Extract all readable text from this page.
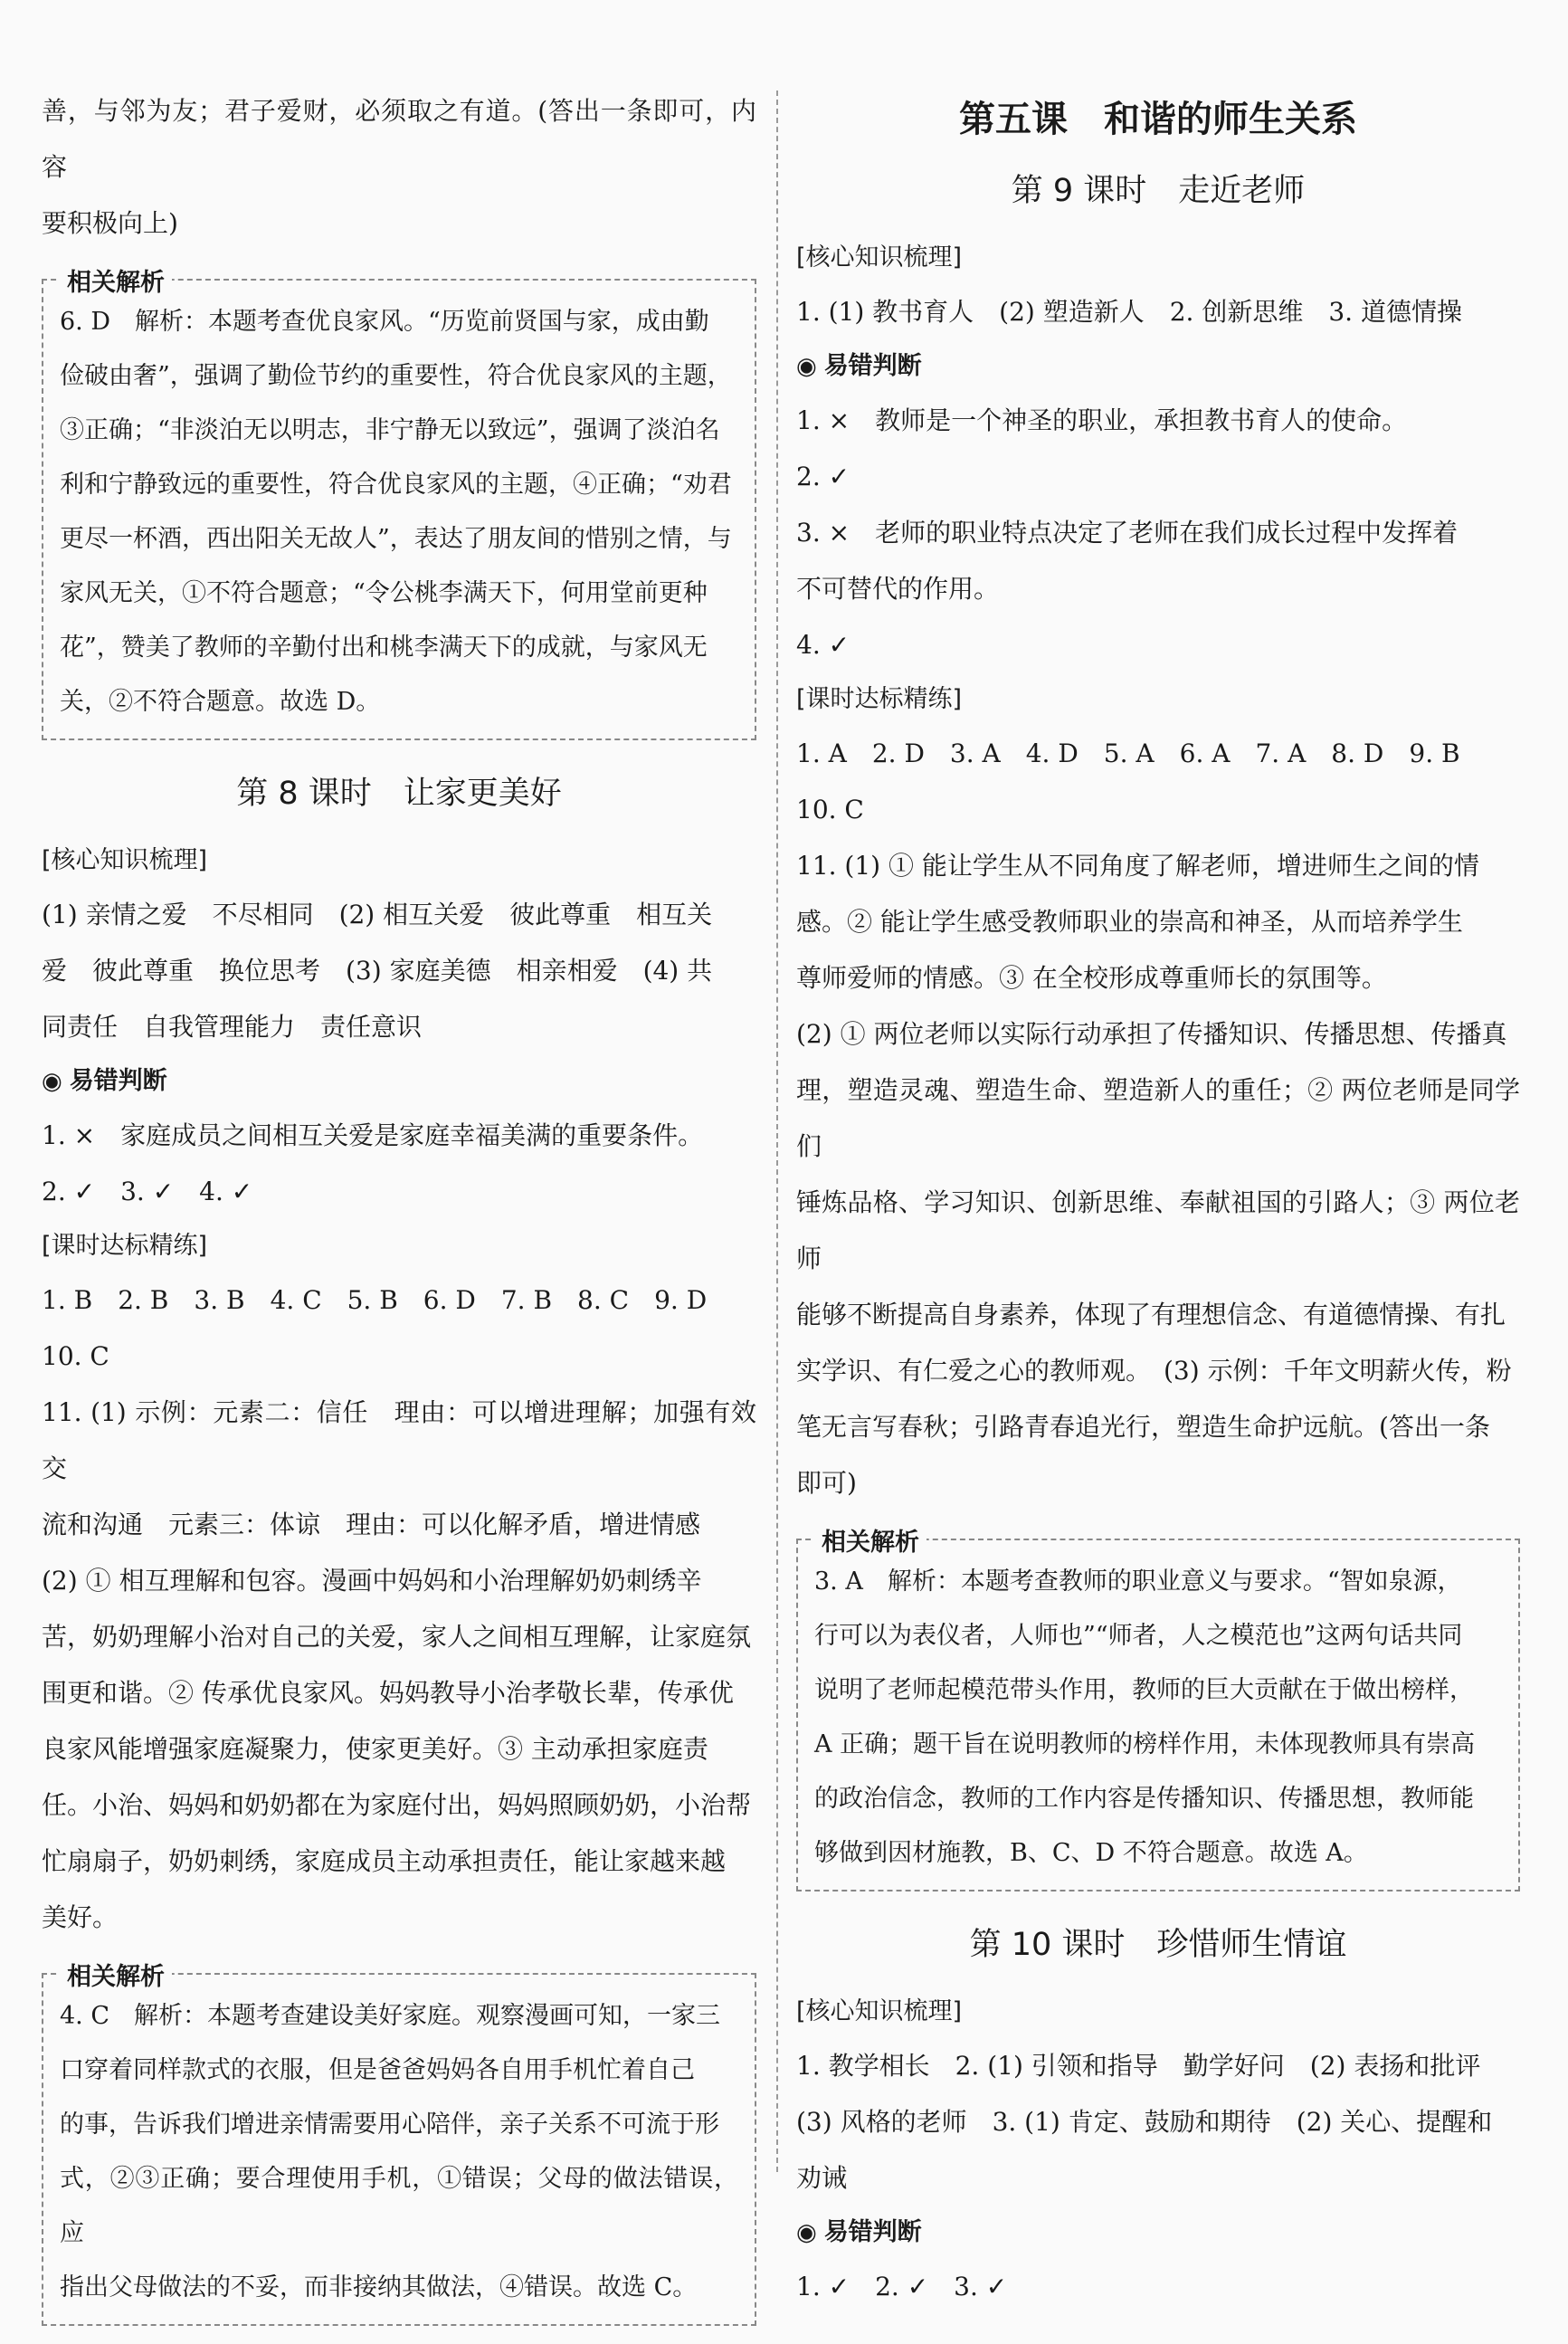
善，与邻为友；君子爱财，必须取之有道。(答出一条即可，内容

要积极向上)

相关解析

6. D　解析：本题考查优良家风。“历览前贤国与家，成由勤

俭破由奢”，强调了勤俭节约的重要性，符合优良家风的主题，

③正确；“非淡泊无以明志，非宁静无以致远”，强调了淡泊名

利和宁静致远的重要性，符合优良家风的主题，④正确；“劝君

更尽一杯酒，西出阳关无故人”，表达了朋友间的惜别之情，与

家风无关，①不符合题意；“令公桃李满天下，何用堂前更种

花”，赞美了教师的辛勤付出和桃李满天下的成就，与家风无

关，②不符合题意。故选 D。

第 8 课时　让家更美好
[核心知识梳理]

(1) 亲情之爱　不尽相同　(2) 相互关爱　彼此尊重　相互关

爱　彼此尊重　换位思考　(3) 家庭美德　相亲相爱　(4) 共

同责任　自我管理能力　责任意识

◉ 易错判断

1. ×　家庭成员之间相互关爱是家庭幸福美满的重要条件。

2. ✓　3. ✓　4. ✓

[课时达标精练]

1. B　2. B　3. B　4. C　5. B　6. D　7. B　8. C　9. D

10. C

11. (1) 示例：元素二：信任　理由：可以增进理解；加强有效交

流和沟通　元素三：体谅　理由：可以化解矛盾，增进情感

(2) ① 相互理解和包容。漫画中妈妈和小治理解奶奶刺绣辛

苦，奶奶理解小治对自己的关爱，家人之间相互理解，让家庭氛

围更和谐。② 传承优良家风。妈妈教导小治孝敬长辈，传承优

良家风能增强家庭凝聚力，使家更美好。③ 主动承担家庭责

任。小治、妈妈和奶奶都在为家庭付出，妈妈照顾奶奶，小治帮

忙扇扇子，奶奶刺绣，家庭成员主动承担责任，能让家越来越

美好。

相关解析

4. C　解析：本题考查建设美好家庭。观察漫画可知，一家三

口穿着同样款式的衣服，但是爸爸妈妈各自用手机忙着自己

的事，告诉我们增进亲情需要用心陪伴，亲子关系不可流于形

式，②③正确；要合理使用手机，①错误；父母的做法错误，应

指出父母做法的不妥，而非接纳其做法，④错误。故选 C。

第五课　和谐的师生关系
第 9 课时　走近老师
[核心知识梳理]

1. (1) 教书育人　(2) 塑造新人　2. 创新思维　3. 道德情操

◉ 易错判断

1. ×　教师是一个神圣的职业，承担教书育人的使命。

2. ✓

3. ×　老师的职业特点决定了老师在我们成长过程中发挥着

不可替代的作用。

4. ✓

[课时达标精练]

1. A　2. D　3. A　4. D　5. A　6. A　7. A　8. D　9. B

10. C

11. (1) ① 能让学生从不同角度了解老师，增进师生之间的情

感。② 能让学生感受教师职业的崇高和神圣，从而培养学生

尊师爱师的情感。③ 在全校形成尊重师长的氛围等。

(2) ① 两位老师以实际行动承担了传播知识、传播思想、传播真

理，塑造灵魂、塑造生命、塑造新人的重任；② 两位老师是同学们

锤炼品格、学习知识、创新思维、奉献祖国的引路人；③ 两位老师

能够不断提高自身素养，体现了有理想信念、有道德情操、有扎

实学识、有仁爱之心的教师观。　(3) 示例：千年文明薪火传，粉

笔无言写春秋；引路青春追光行，塑造生命护远航。(答出一条

即可)

相关解析

3. A　解析：本题考查教师的职业意义与要求。“智如泉源，

行可以为表仪者，人师也”“师者，人之模范也”这两句话共同

说明了老师起模范带头作用，教师的巨大贡献在于做出榜样，

A 正确；题干旨在说明教师的榜样作用，未体现教师具有崇高

的政治信念，教师的工作内容是传播知识、传播思想，教师能

够做到因材施教，B、C、D 不符合题意。故选 A。

第 10 课时　珍惜师生情谊
[核心知识梳理]

1. 教学相长　2. (1) 引领和指导　勤学好问　(2) 表扬和批评

(3) 风格的老师　3. (1) 肯定、鼓励和期待　(2) 关心、提醒和

劝诫

◉ 易错判断

1. ✓　2. ✓　3. ✓
